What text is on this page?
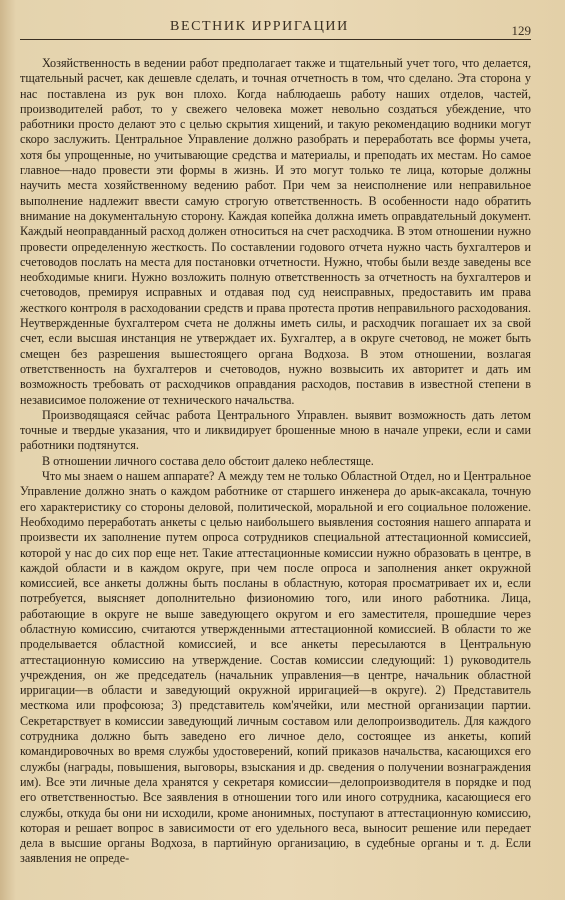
ВЕСТНИК ИРРИГАЦИИ	129

Хозяйственность в ведении работ предполагает также и тщательный учет того, что делается, тщательный расчет, как дешевле сделать, и точная отчетность в том, что сделано. Эта сторона у нас поставлена из рук вон плохо. Когда наблюдаешь работу наших отделов, частей, производителей работ, то у свежего человека может невольно создаться убеждение, что работники просто делают это с целью скрытия хищений, и такую рекомендацию водники могут скоро заслужить. Центральное Управление должно разобрать и переработать все формы учета, хотя бы упрощенные, но учитывающие средства и материалы, и преподать их местам. Но самое главное—надо провести эти формы в жизнь. И это могут только те лица, которые должны научить места хозяйственному ведению работ. При чем за неисполнение или неправильное выполнение надлежит ввести самую строгую ответственность. В особенности надо обратить внимание на документальную сторону. Каждая копейка должна иметь оправдательный документ. Каждый неоправданный расход должен относиться на счет расходчика. В этом отношении нужно провести определенную жесткость. По составлении годового отчета нужно часть бухгалтеров и счетоводов послать на места для постановки отчетности. Нужно, чтобы были везде заведены все необходимые книги. Нужно возложить полную ответственность за отчетность на бухгалтеров и счетоводов, премируя исправных и отдавая под суд неисправных, предоставить им права жесткого контроля в расходовании средств и права протеста против неправильного расходования. Неутвержденные бухгалтером счета не должны иметь силы, и расходчик погашает их за свой счет, если высшая инстанция не утверждает их. Бухгалтер, а в округе счетовод, не может быть смещен без разрешения вышестоящего органа Водхоза. В этом отношении, возлагая ответственность на бухгалтеров и счетоводов, нужно возвысить их авторитет и дать им возможность требовать от расходчиков оправдания расходов, поставив в известной степени в независимое положение от технического начальства.

Производящаяся сейчас работа Центрального Управлен. выявит возможность дать летом точные и твердые указания, что и ликвидирует брошенные мною в начале упреки, если и сами работники подтянутся.

В отношении личного состава дело обстоит далеко неблестяще.

Что мы знаем о нашем аппарате? А между тем не только Областной Отдел, но и Центральное Управление должно знать о каждом работнике от старшего инженера до арык-аксакала, точную его характеристику со стороны деловой, политической, моральной и его социальное положение. Необходимо переработать анкеты с целью наибольшего выявления состояния нашего аппарата и произвести их заполнение путем опроса сотрудников специальной аттестационной комиссией, которой у нас до сих пор еще нет. Такие аттестационные комиссии нужно образовать в центре, в каждой области и в каждом округе, при чем после опроса и заполнения анкет окружной комиссией, все анкеты должны быть посланы в областную, которая просматривает их и, если потребуется, выясняет дополнительно физиономию того, или иного работника. Лица, работающие в округе не выше заведующего округом и его заместителя, прошедшие через областную комиссию, считаются утвержденными аттестационной комиссией. В области то же проделывается областной комиссией, и все анкеты пересылаются в Центральную аттестационную комиссию на утверждение. Состав комиссии следующий: 1) руководитель учреждения, он же председатель (начальник управления—в центре, начальник областной ирригации—в области и заведующий окружной ирригацией—в округе). 2) Представитель месткома или профсоюза; 3) представитель ком'ячейки, или местной организации партии. Секретарствует в комиссии заведующий личным составом или делопроизводитель. Для каждого сотрудника должно быть заведено его личное дело, состоящее из анкеты, копий командировочных во время службы удостоверений, копий приказов начальства, касающихся его службы (награды, повышения, выговоры, взыскания и др. сведения о получении вознаграждения им). Все эти личные дела хранятся у секретаря комиссии—делопроизводителя в порядке и под его ответственностью. Все заявления в отношении того или иного сотрудника, касающиеся его службы, откуда бы они ни исходили, кроме анонимных, поступают в аттестационную комиссию, которая и решает вопрос в зависимости от его удельного веса, выносит решение или передает дела в высшие органы Водхоза, в партийную организацию, в судебные органы и т. д. Если заявления не опреде-
